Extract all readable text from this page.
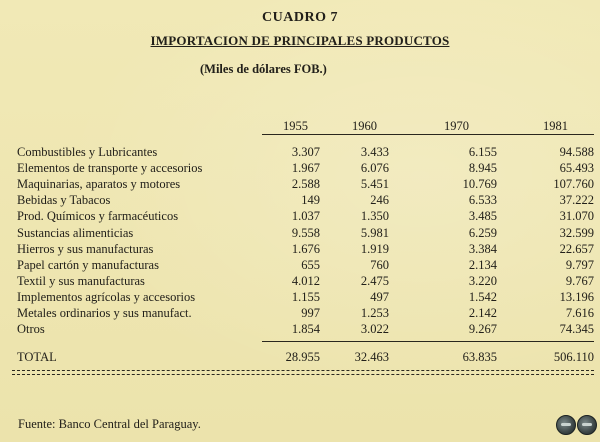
CUADRO 7
IMPORTACION DE PRINCIPALES PRODUCTOS
(Miles de dólares FOB.)
1955	1960	1970	1981
Combustibles y Lubricantes	3.307	3.433	6.155	94.588
Elementos de transporte y accesorios	1.967	6.076	8.945	65.493
Maquinarias, aparatos y motores	2.588	5.451	10.769	107.760
Bebidas y Tabacos	149	246	6.533	37.222
Prod. Químicos y farmacéuticos	1.037	1.350	3.485	31.070
Sustancias alimenticias	9.558	5.981	6.259	32.599
Hierros y sus manufacturas	1.676	1.919	3.384	22.657
Papel cartón y manufacturas	655	760	2.134	9.797
Textil y sus manufacturas	4.012	2.475	3.220	9.767
Implementos agrícolas y accesorios	1.155	497	1.542	13.196
Metales ordinarios y sus manufact.	997	1.253	2.142	7.616
Otros	1.854	3.022	9.267	74.345
TOTAL	28.955	32.463	63.835	506.110
Fuente: Banco Central del Paraguay.
